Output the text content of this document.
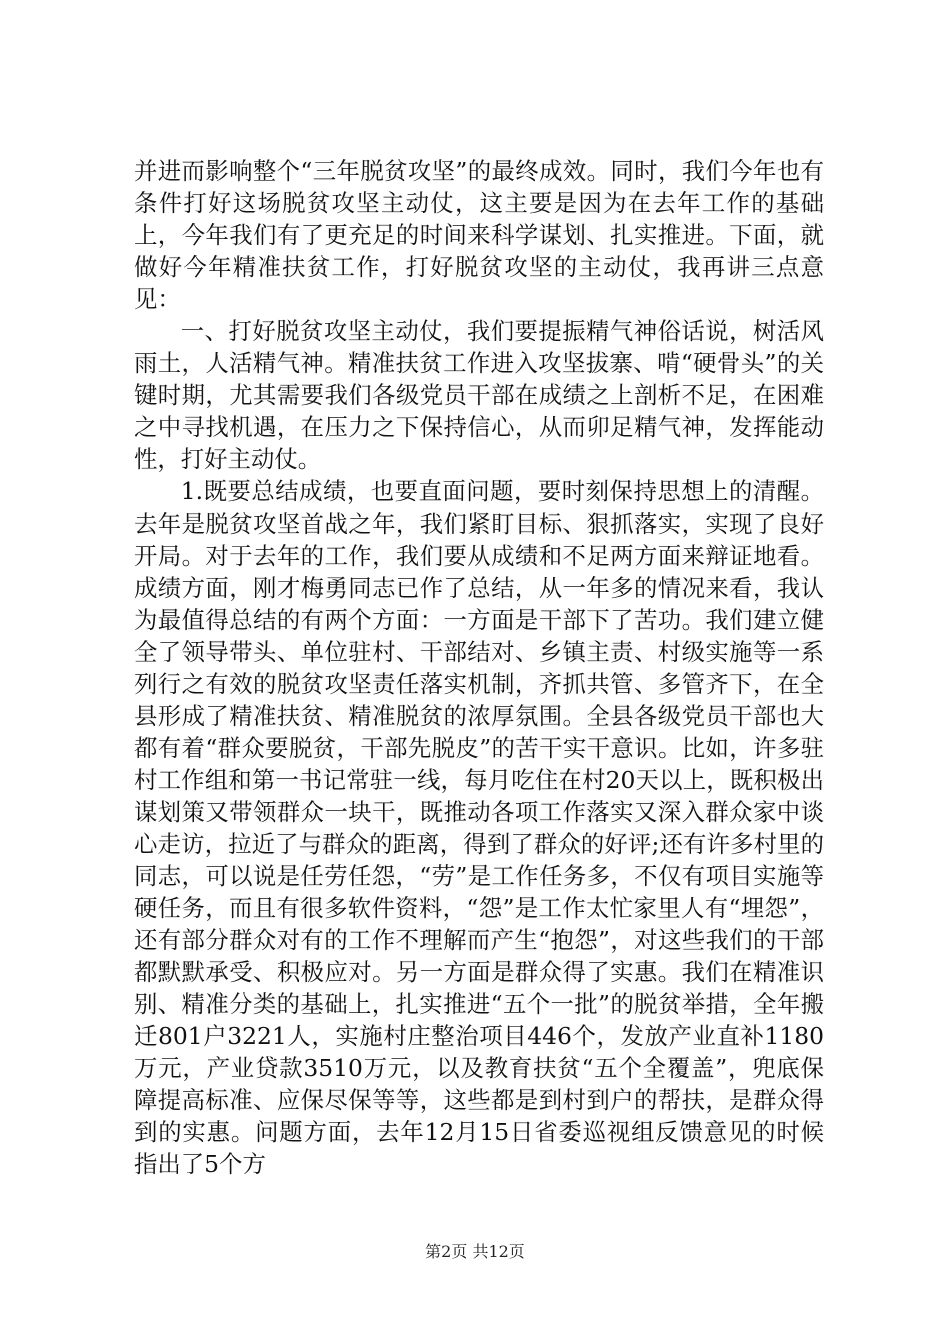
并进而影响整个“三年脱贫攻坚”的最终成效。同时，我们今年也有条件打好这场脱贫攻坚主动仗，这主要是因为在去年工作的基础上，今年我们有了更充足的时间来科学谋划、扎实推进。下面，就做好今年精准扶贫工作，打好脱贫攻坚的主动仗，我再讲三点意见：

一、打好脱贫攻坚主动仗，我们要提振精气神俗话说，树活风雨土，人活精气神。精准扶贫工作进入攻坚拔寨、啃“硬骨头”的关键时期，尤其需要我们各级党员干部在成绩之上剖析不足，在困难之中寻找机遇，在压力之下保持信心，从而卯足精气神，发挥能动性，打好主动仗。

1.既要总结成绩，也要直面问题，要时刻保持思想上的清醒。去年是脱贫攻坚首战之年，我们紧盯目标、狠抓落实，实现了良好开局。对于去年的工作，我们要从成绩和不足两方面来辩证地看。成绩方面，刚才梅勇同志已作了总结，从一年多的情况来看，我认为最值得总结的有两个方面：一方面是干部下了苦功。我们建立健全了领导带头、单位驻村、干部结对、乡镇主责、村级实施等一系列行之有效的脱贫攻坚责任落实机制，齐抓共管、多管齐下，在全县形成了精准扶贫、精准脱贫的浓厚氛围。全县各级党员干部也大都有着“群众要脱贫，干部先脱皮”的苦干实干意识。比如，许多驻村工作组和第一书记常驻一线，每月吃住在村20天以上，既积极出谋划策又带领群众一块干，既推动各项工作落实又深入群众家中谈心走访，拉近了与群众的距离，得到了群众的好评;还有许多村里的同志，可以说是任劳任怨，“劳”是工作任务多，不仅有项目实施等硬任务，而且有很多软件资料，“怨”是工作太忙家里人有“埋怨”，还有部分群众对有的工作不理解而产生“抱怨”，对这些我们的干部都默默承受、积极应对。另一方面是群众得了实惠。我们在精准识别、精准分类的基础上，扎实推进“五个一批”的脱贫举措，全年搬迁801户3221人，实施村庄整治项目446个，发放产业直补1180万元，产业贷款3510万元，以及教育扶贫“五个全覆盖”，兜底保障提高标准、应保尽保等等，这些都是到村到户的帮扶，是群众得到的实惠。问题方面，去年12月15日省委巡视组反馈意见的时候指出了5个方

第2页 共12页
